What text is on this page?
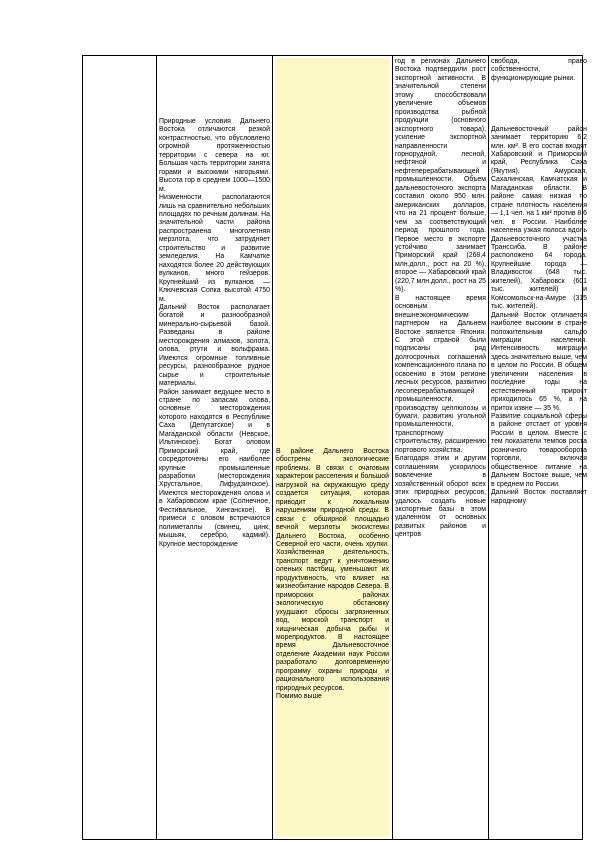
Природные условия Дальнего Востока отличаются резкой контрастностью, что обусловлено огромной протяженностью территории с севера на юг. Большая часть территории занята горами и высокими нагорьями. Высота гор в среднем 1000—1500 м.
Низменности располагаются лишь на сравнительно небольших площадях по речным долинам. На значительной части района распространена многолетняя мерзлота, что затрудняет строительство и развитие земледелия. На Камчатке находятся более 20 действующих вулканов, много гейзеров. Крупнейший из вулканов — Ключевская Сопка высотой 4750 м.
Дальний Восток располагает богатой и разнообразной минерально-сырьевой базой. Разведаны в районе месторождения алмазов, золота, олова, ртути и вольфрама. Имеются огромные топливные ресурсы, разнообразное рудное сырье и строительные материалы.
Район занимает ведущее место в стране по запасам олова, основные месторождения которого находятся в Республике Саха (Депутатское) и в Магаданской области (Невское, Ильтинское). Богат оловом Приморский край, где сосредоточены его наиболее крупные промышленные разработки (месторождения Хрустальное, Лифудзинское). Имеются месторождения олова и в Хабаровском крае (Солнечное, Фестивальное, Хинганское). В примеси с оловом встречаются полиметаллы (свинец, цинк, мышьяк, серебро, кадмий). Крупное месторождение
В районе Дальнего Востока обострены экологические проблемы. В связи с очаговым характером расселения и большой нагрузкой на окружающую среду создается ситуация, которая приводит к локальным нарушениям природной среды. В связи с обширной площадью вечной мерзлоты экосистемы Дальнего Востока, особенно Северной его части, очень хрупки. Хозяйственная деятельность, транспорт ведут к уничтожению оленьих пастбищ, уменьшают их продуктивность, что влияет на жизнеобитание народов Севера. В приморских районах экологическую обстановку ухудшают сбросы загрязненных вод, морской транспорт и хищническая добыча рыбы и морепродуктов. В настоящее время Дальневосточное отделение Академии наук России разработало долговременную программу охраны природы и рационального использования природных ресурсов.
Помимо выше
год в регионах Дальнего Востока подтвердили рост экспортной активности. В значительной степени этому способствовали увеличение объемов производства рыбной продукции (основного экспортного товара), усиление экспортной направленности горнорудной, лесной, нефтяной и нефтеперерабатывающей промышленности. Объем дальневосточного экспорта составил около 950 млн. американских долларов, что на 21 процент больше, чем за соответствующий период прошлого года. Первое место в экспорте устойчиво занимает Приморский край (268,4 млн.долл., рост на 20 %), второе — Хабаровский край (220,7 млн.долл., рост на 25 %).
В настоящее время основным внешнеэкономическим партнером на Дальнем Востоке является Япония. С этой страной были подписаны ряд долгосрочных соглашений компенсационного плана по освоению в этом регионе лесных ресурсов, развитию лесоперерабатывающей промышленности, производству целлюлозы и бумаги, развитию угольной промышленности, транспортному строительству, расширению портового хозяйства.
Благодаря этим и другим соглашениям ускорилось вовлечение в хозяйственный оборот всех этих природных ресурсов, удалось создать новые экспортные базы в этом удаленном от основных развитых районов и центров
свобода, право собственности, функционирующие рынки.

Дальневосточный район занимает территорию 6,2 млн. км². В его состав входят Хабаровский и Приморский край, Республика Саха (Якутия), Амурская, Сахалинская, Камчатская и Магаданская области. В районе самая низкая по стране плотность населения — 1,1 чел. на 1 км² против 8,6 чел. в России. Наиболее населена узкая полоса вдоль Дальневосточного участка Транссиба. В районе расположено 64 города. Крупнейшие города — Владивосток (648 тыс. жителей), Хабаровск (601 тыс. жителей) и Комсомольск-на-Амуре (315 тыс. жителей).
Дальний Восток отличается наиболее высоким в стране положительным сальдо миграции населения. Интенсивность миграции здесь значительно выше, чем в целом по России. В общем увеличении населения в последние годы на естественный прирост приходилось 65 %, а на приток извне — 35 %.
Развитие социальной сферы в районе отстает от уровня России в целом. Вместе с тем показатели темпов роста розничного товарооборота торговли, включая общественное питание на Дальнем Востоке выше, чем в среднем по России.
Дальний Восток поставляет народному
